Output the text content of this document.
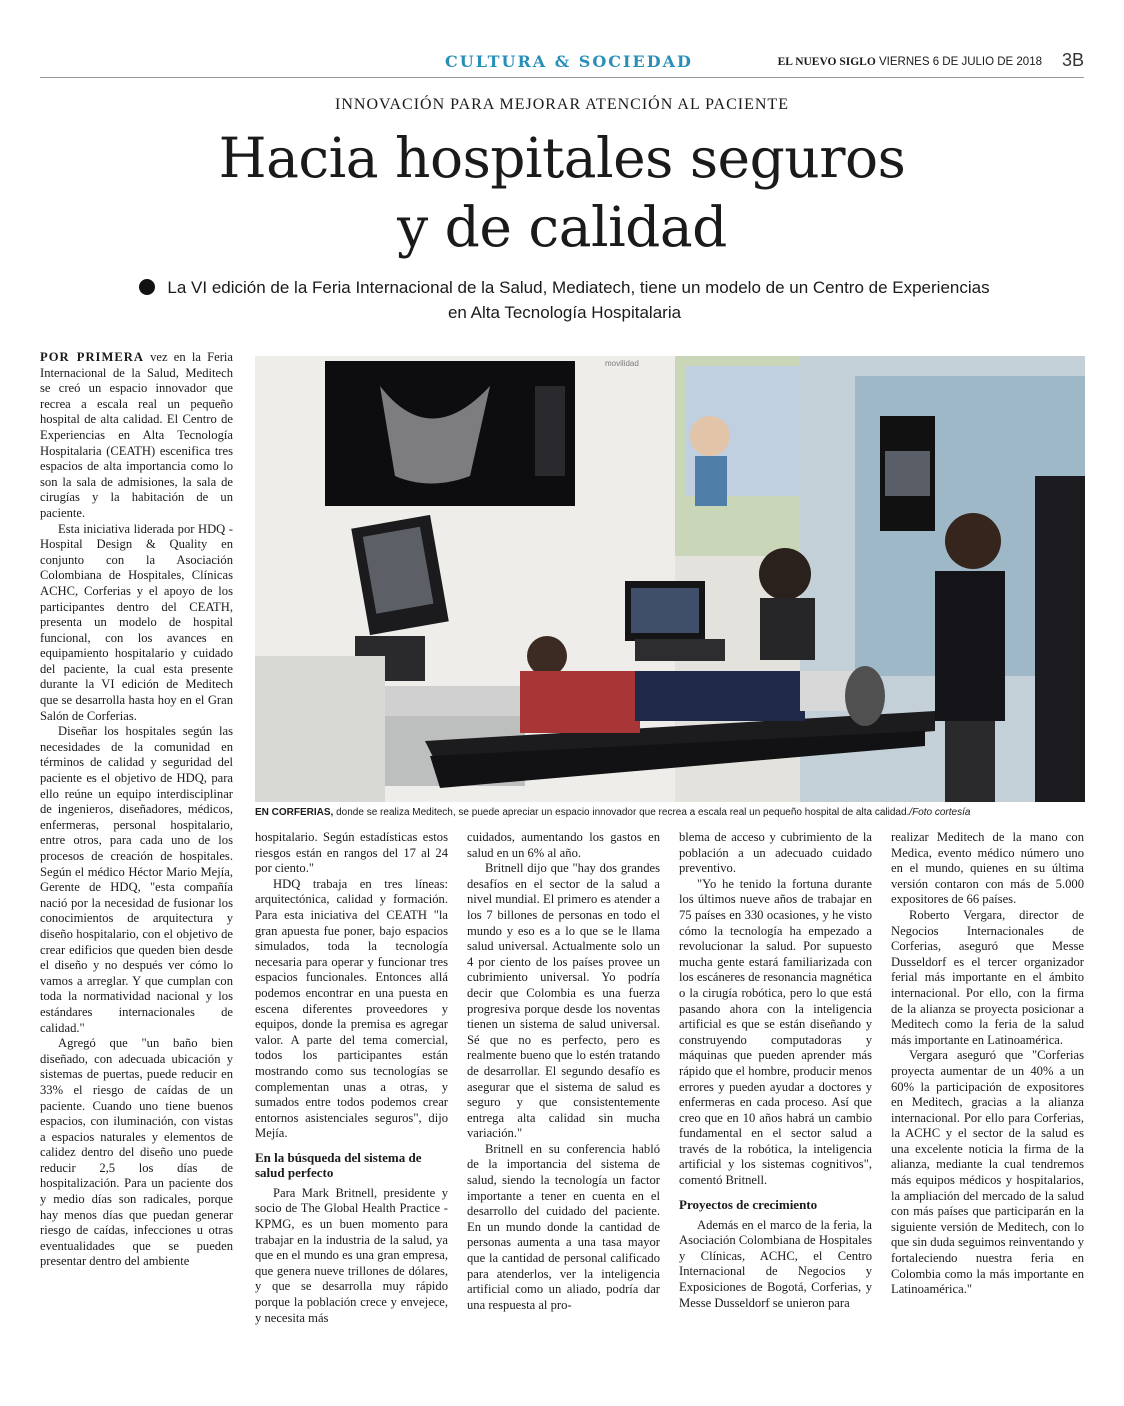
CULTURA & SOCIEDAD	EL NUEVO SIGLO VIERNES 6 DE JULIO DE 2018 3B
INNOVACIÓN PARA MEJORAR ATENCIÓN AL PACIENTE
Hacia hospitales seguros
y de calidad
La VI edición de la Feria Internacional de la Salud, Mediatech, tiene un modelo de un Centro de Experiencias
en Alta Tecnología Hospitalaria
movilidad
EN CORFERIAS, donde se realiza Meditech, se puede apreciar un espacio innovador que recrea a escala real un pequeño hospital de alta calidad./Foto cortesía

POR PRIMERA vez en la Feria Internacional de la Salud, Meditech se creó un espacio innovador que recrea a escala real un pequeño hospital de alta calidad. El Centro de Experiencias en Alta Tecnología Hospitalaria (CEATH) escenifica tres espacios de alta importancia como lo son la sala de admisiones, la sala de cirugías y la habitación de un paciente.

Esta iniciativa liderada por HDQ - Hospital Design & Quality en conjunto con la Asociación Colombiana de Hospitales, Clínicas ACHC, Corferias y el apoyo de los participantes dentro del CEATH, presenta un modelo de hospital funcional, con los avances en equipamiento hospitalario y cuidado del paciente, la cual esta presente durante la VI edición de Meditech que se desarrolla hasta hoy en el Gran Salón de Corferias.

Diseñar los hospitales según las necesidades de la comunidad en términos de calidad y seguridad del paciente es el objetivo de HDQ, para ello reúne un equipo interdisciplinar de ingenieros, diseñadores, médicos, enfermeras, personal hospitalario, entre otros, para cada uno de los procesos de creación de hospitales. Según el médico Héctor Mario Mejía, Gerente de HDQ, "esta compañía nació por la necesidad de fusionar los conocimientos de arquitectura y diseño hospitalario, con el objetivo de crear edificios que queden bien desde el diseño y no después ver cómo lo vamos a arreglar. Y que cumplan con toda la normatividad nacional y los estándares internacionales de calidad."

Agregó que "un baño bien diseñado, con adecuada ubicación y sistemas de puertas, puede reducir en 33% el riesgo de caídas de un paciente. Cuando uno tiene buenos espacios, con iluminación, con vistas a espacios naturales y elementos de calidez dentro del diseño uno puede reducir 2,5 los días de hospitalización. Para un paciente dos y medio días son radicales, porque hay menos días que puedan generar riesgo de caídas, infecciones u otras eventualidades que se pueden presentar dentro del ambiente

hospitalario. Según estadísticas estos riesgos están en rangos del 17 al 24 por ciento."

HDQ trabaja en tres líneas: arquitectónica, calidad y formación. Para esta iniciativa del CEATH "la gran apuesta fue poner, bajo espacios simulados, toda la tecnología necesaria para operar y funcionar tres espacios funcionales. Entonces allá podemos encontrar en una puesta en escena diferentes proveedores y equipos, donde la premisa es agregar valor. A parte del tema comercial, todos los participantes están mostrando como sus tecnologías se complementan unas a otras, y sumados entre todos podemos crear entornos asistenciales seguros", dijo Mejía.

En la búsqueda del sistema de salud perfecto

Para Mark Britnell, presidente y socio de The Global Health Practice - KPMG, es un buen momento para trabajar en la industria de la salud, ya que en el mundo es una gran empresa, que genera nueve trillones de dólares, y que se desarrolla muy rápido porque la población crece y envejece, y necesita más

cuidados, aumentando los gastos en salud en un 6% al año.

Britnell dijo que "hay dos grandes desafíos en el sector de la salud a nivel mundial. El primero es atender a los 7 billones de personas en todo el mundo y eso es a lo que se le llama salud universal. Actualmente solo un 4 por ciento de los países provee un cubrimiento universal. Yo podría decir que Colombia es una fuerza progresiva porque desde los noventas tienen un sistema de salud universal. Sé que no es perfecto, pero es realmente bueno que lo estén tratando de desarrollar. El segundo desafío es asegurar que el sistema de salud es seguro y que consistentemente entrega alta calidad sin mucha variación."

Britnell en su conferencia habló de la importancia del sistema de salud, siendo la tecnología un factor importante a tener en cuenta en el desarrollo del cuidado del paciente. En un mundo donde la cantidad de personas aumenta a una tasa mayor que la cantidad de personal calificado para atenderlos, ver la inteligencia artificial como un aliado, podría dar una respuesta al pro-

blema de acceso y cubrimiento de la población a un adecuado cuidado preventivo.

"Yo he tenido la fortuna durante los últimos nueve años de trabajar en 75 países en 330 ocasiones, y he visto cómo la tecnología ha empezado a revolucionar la salud. Por supuesto mucha gente estará familiarizada con los escáneres de resonancia magnética o la cirugía robótica, pero lo que está pasando ahora con la inteligencia artificial es que se están diseñando y construyendo computadoras y máquinas que pueden aprender más rápido que el hombre, producir menos errores y pueden ayudar a doctores y enfermeras en cada proceso. Así que creo que en 10 años habrá un cambio fundamental en el sector salud a través de la robótica, la inteligencia artificial y los sistemas cognitivos", comentó Britnell.

Proyectos de crecimiento

Además en el marco de la feria, la Asociación Colombiana de Hospitales y Clínicas, ACHC, el Centro Internacional de Negocios y Exposiciones de Bogotá, Corferias, y Messe Dusseldorf se unieron para

realizar Meditech de la mano con Medica, evento médico número uno en el mundo, quienes en su última versión contaron con más de 5.000 expositores de 66 países.

Roberto Vergara, director de Negocios Internacionales de Corferias, aseguró que Messe Dusseldorf es el tercer organizador ferial más importante en el ámbito internacional. Por ello, con la firma de la alianza se proyecta posicionar a Meditech como la feria de la salud más importante en Latinoamérica.

Vergara aseguró que "Corferias proyecta aumentar de un 40% a un 60% la participación de expositores en Meditech, gracias a la alianza internacional. Por ello para Corferias, la ACHC y el sector de la salud es una excelente noticia la firma de la alianza, mediante la cual tendremos más equipos médicos y hospitalarios, la ampliación del mercado de la salud con más países que participarán en la siguiente versión de Meditech, con lo que sin duda seguimos reinventando y fortaleciendo nuestra feria en Colombia como la más importante en Latinoamérica."
